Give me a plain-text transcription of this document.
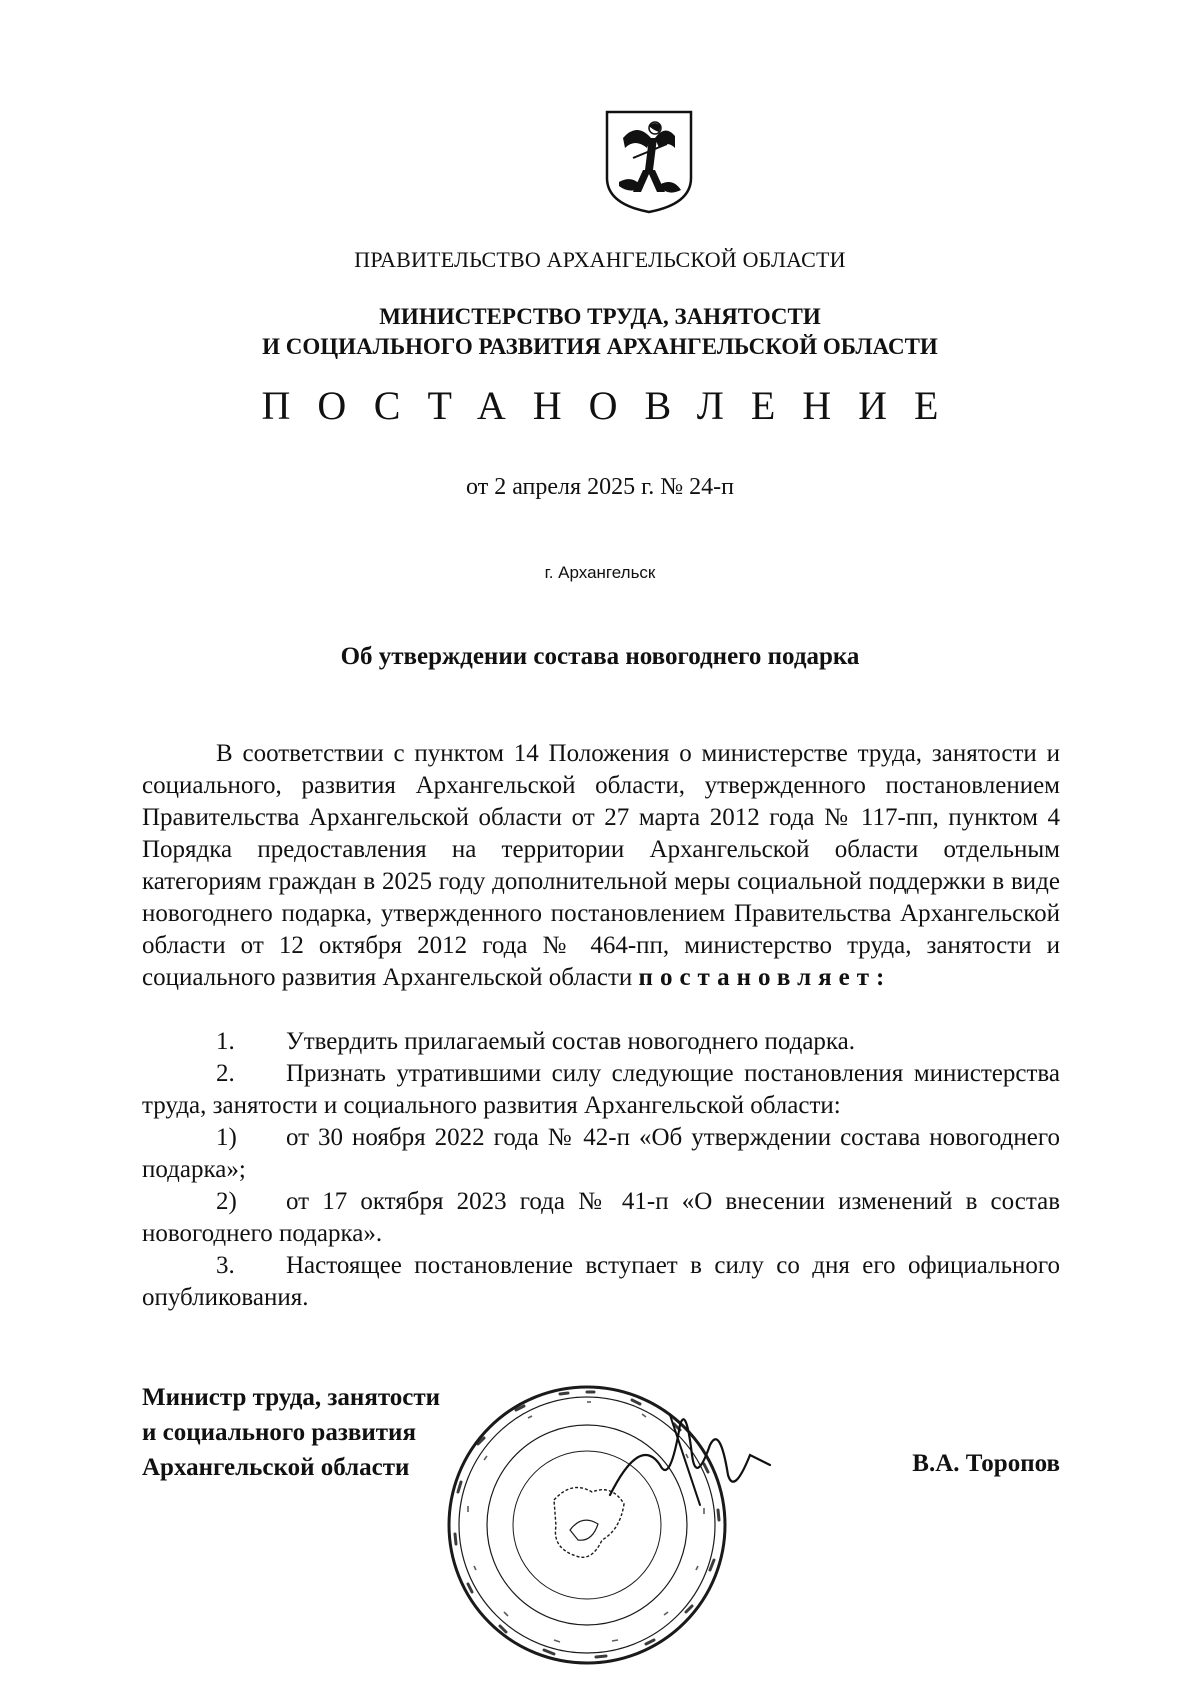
ПРАВИТЕЛЬСТВО АРХАНГЕЛЬСКОЙ ОБЛАСТИ
МИНИСТЕРСТВО ТРУДА, ЗАНЯТОСТИ
И СОЦИАЛЬНОГО РАЗВИТИЯ АРХАНГЕЛЬСКОЙ ОБЛАСТИ
ПОСТАНОВЛЕНИЕ
от 2 апреля 2025 г. № 24-п
г. Архангельск
Об утверждении состава новогоднего подарка

В соответствии с пунктом 14 Положения о министерстве труда, занятости и социального, развития Архангельской области, утвержденного постановлением Правительства Архангельской области от 27 марта 2012 года № 117-пп, пунктом 4 Порядка предоставления на территории Архангельской области отдельным категориям граждан в 2025 году дополнительной меры социальной поддержки в виде новогоднего подарка, утвержденного постановлением Правительства Архангельской области от 12 октября 2012 года № 464-пп, министерство труда, занятости и социального развития Архангельской области постановляет:

1. Утвердить прилагаемый состав новогоднего подарка.

2. Признать утратившими силу следующие постановления министерства труда, занятости и социального развития Архангельской области:

1) от 30 ноября 2022 года № 42-п «Об утверждении состава новогоднего подарка»;

2) от 17 октября 2023 года № 41-п «О внесении изменений в состав новогоднего подарка».

3. Настоящее постановление вступает в силу со дня его официального опубликования.

Министр труда, занятости
и социального развития
Архангельской области	В.А. Торопов
